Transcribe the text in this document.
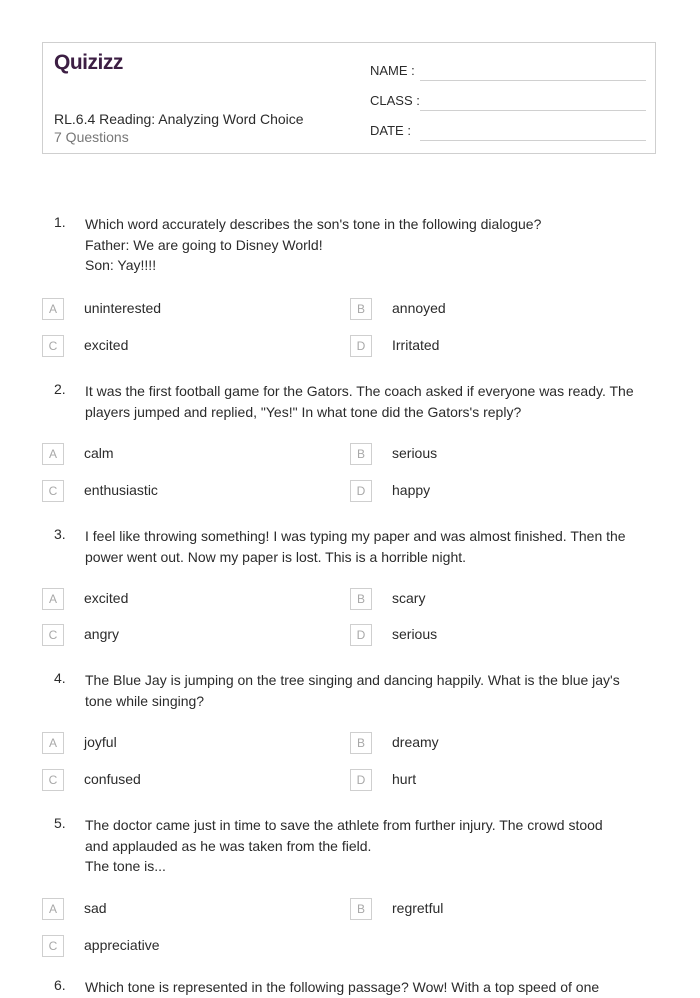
Quizizz
RL.6.4 Reading: Analyzing Word Choice
7 Questions
NAME :
CLASS :
DATE :
1. Which word accurately describes the son's tone in the following dialogue?
Father: We are going to Disney World!
Son: Yay!!!!
2. It was the first football game for the Gators. The coach asked if everyone was ready. The
players jumped and replied, "Yes!" In what tone did the Gators's reply?
3. I feel like throwing something! I was typing my paper and was almost finished. Then the
power went out. Now my paper is lost. This is a horrible night.
4. The Blue Jay is jumping on the tree singing and dancing happily. What is the blue jay's
tone while singing?
5. The doctor came just in time to save the athlete from further injury. The crowd stood
and applauded as he was taken from the field.
The tone is...
6. Which tone is represented in the following passage? Wow! With a top speed of one
A	uninterested	B	annoyed
C	excited	D	Irritated
A	calm	B	serious
C	enthusiastic	D	happy
A	excited	B	scary
C	angry	D	serious
A	joyful	B	dreamy
C	confused	D	hurt
A	sad	B	regretful
C	appreciative
